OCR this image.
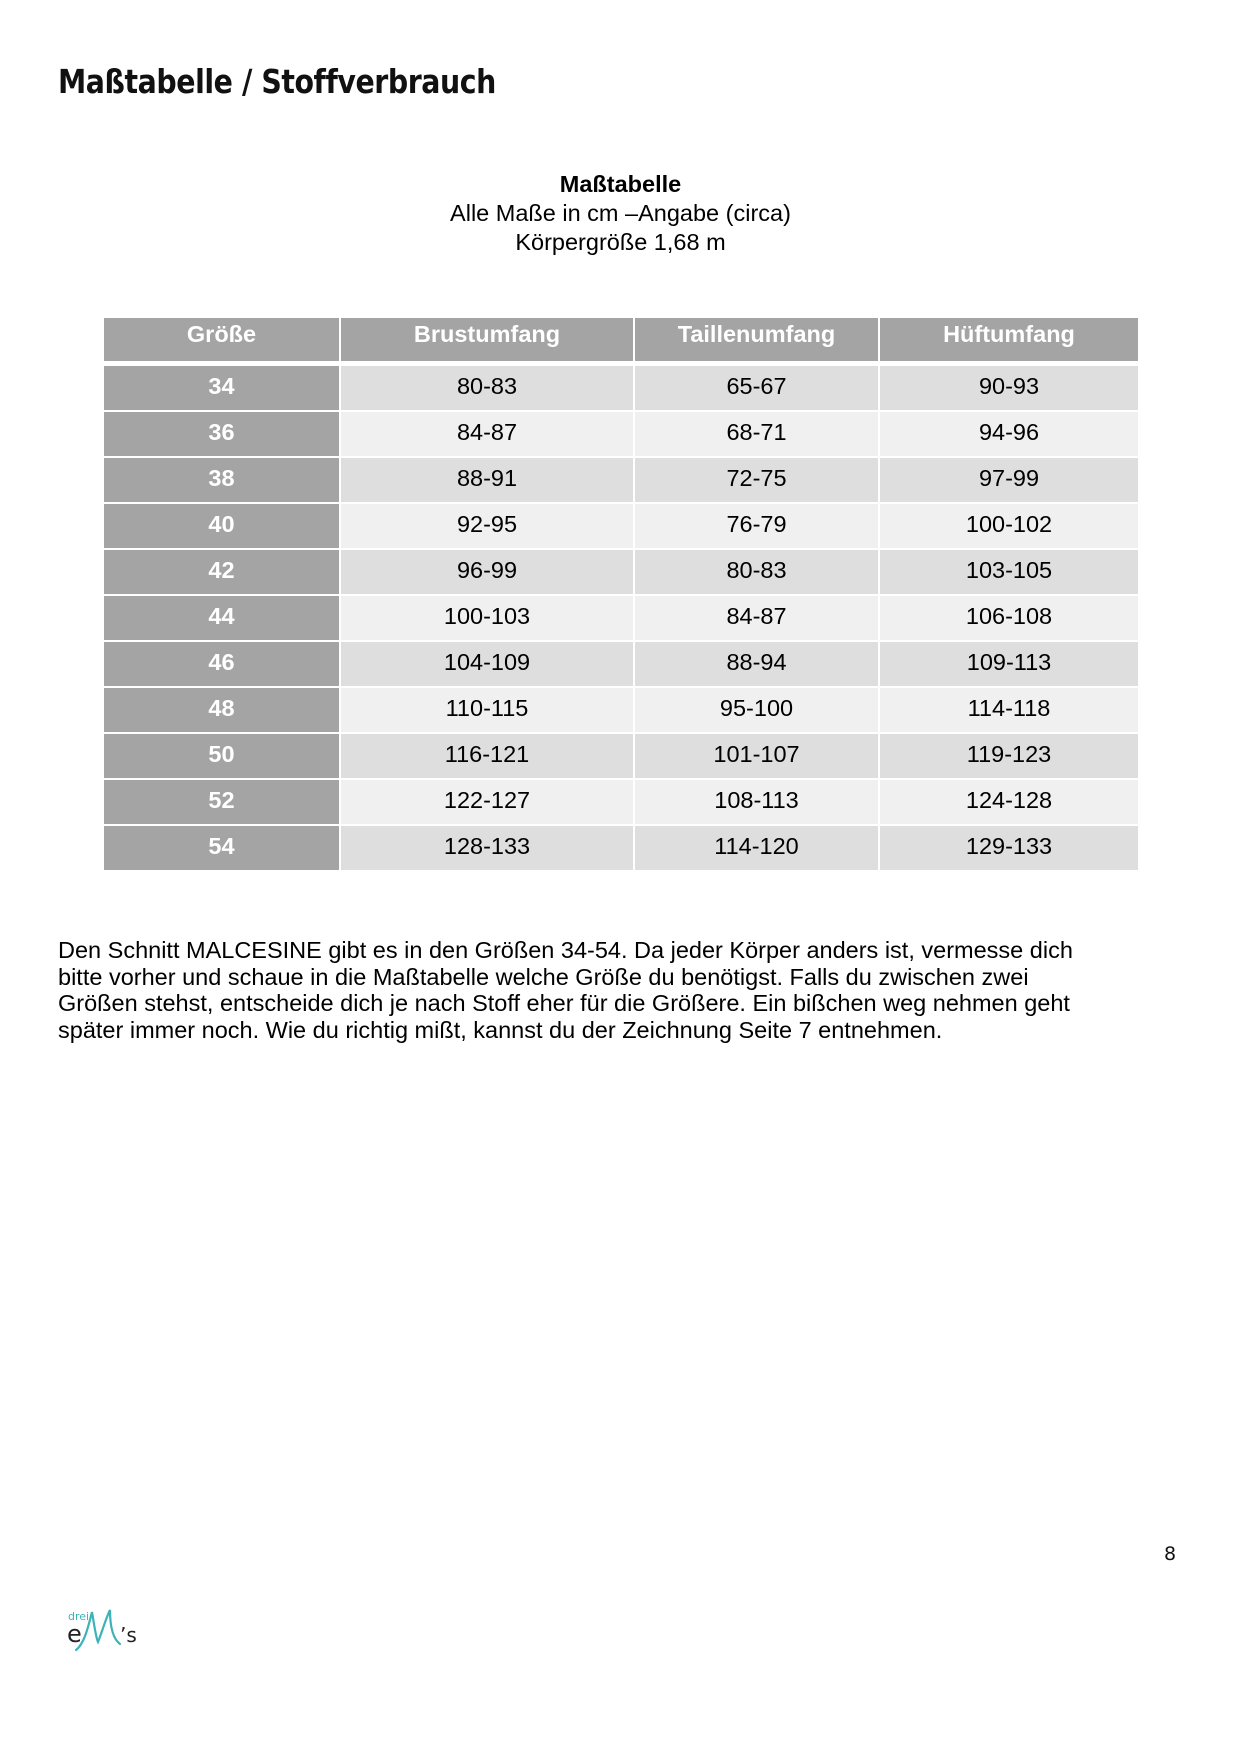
Maßtabelle / Stoffverbrauch
Maßtabelle
Alle Maße in cm –Angabe (circa)
Körpergröße 1,68 m
Größe	Brustumfang	Taillenumfang	Hüftumfang
34	80-83	65-67	90-93
36	84-87	68-71	94-96
38	88-91	72-75	97-99
40	92-95	76-79	100-102
42	96-99	80-83	103-105
44	100-103	84-87	106-108
46	104-109	88-94	109-113
48	110-115	95-100	114-118
50	116-121	101-107	119-123
52	122-127	108-113	124-128
54	128-133	114-120	129-133
Den Schnitt MALCESINE gibt es in den Größen 34-54. Da jeder Körper anders ist, vermesse dich
bitte vorher und schaue in die Maßtabelle welche Größe du benötigst. Falls du zwischen zwei
Größen stehst, entscheide dich je nach Stoff eher für die Größere. Ein bißchen weg nehmen geht
später immer noch. Wie du richtig mißt, kannst du der Zeichnung Seite 7 entnehmen.
8
drei
e ’s
